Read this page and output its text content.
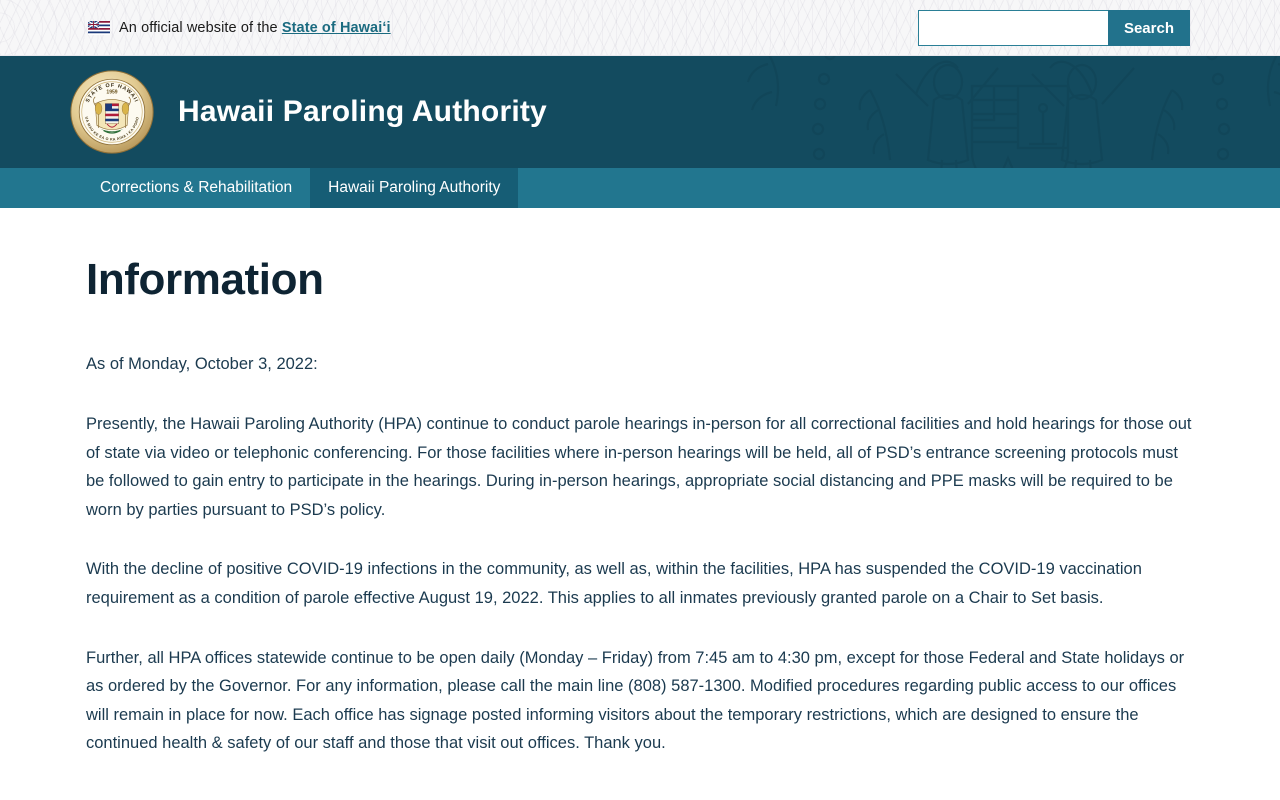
An official website of the State of Hawaiʻi	Search
STATE OF HAWAII
1959
UA MAU KE EA O KA AINA I KA PONO Hawaii Paroling Authority
Corrections & Rehabilitation	Hawaii Paroling Authority
Information

As of Monday, October 3, 2022:

Presently, the Hawaii Paroling Authority (HPA) continue to conduct parole hearings in-person for all correctional facilities and hold hearings for those out of state via video or telephonic conferencing. For those facilities where in-person hearings will be held, all of PSD’s entrance screening protocols must be followed to gain entry to participate in the hearings. During in-person hearings, appropriate social distancing and PPE masks will be required to be worn by parties pursuant to PSD’s policy.

With the decline of positive COVID-19 infections in the community, as well as, within the facilities, HPA has suspended the COVID-19 vaccination requirement as a condition of parole effective August 19, 2022. This applies to all inmates previously granted parole on a Chair to Set basis.

Further, all HPA offices statewide continue to be open daily (Monday – Friday) from 7:45 am to 4:30 pm, except for those Federal and State holidays or as ordered by the Governor. For any information, please call the main line (808) 587-1300. Modified procedures regarding public access to our offices will remain in place for now. Each office has signage posted informing visitors about the temporary restrictions, which are designed to ensure the continued health & safety of our staff and those that visit out offices. Thank you.
